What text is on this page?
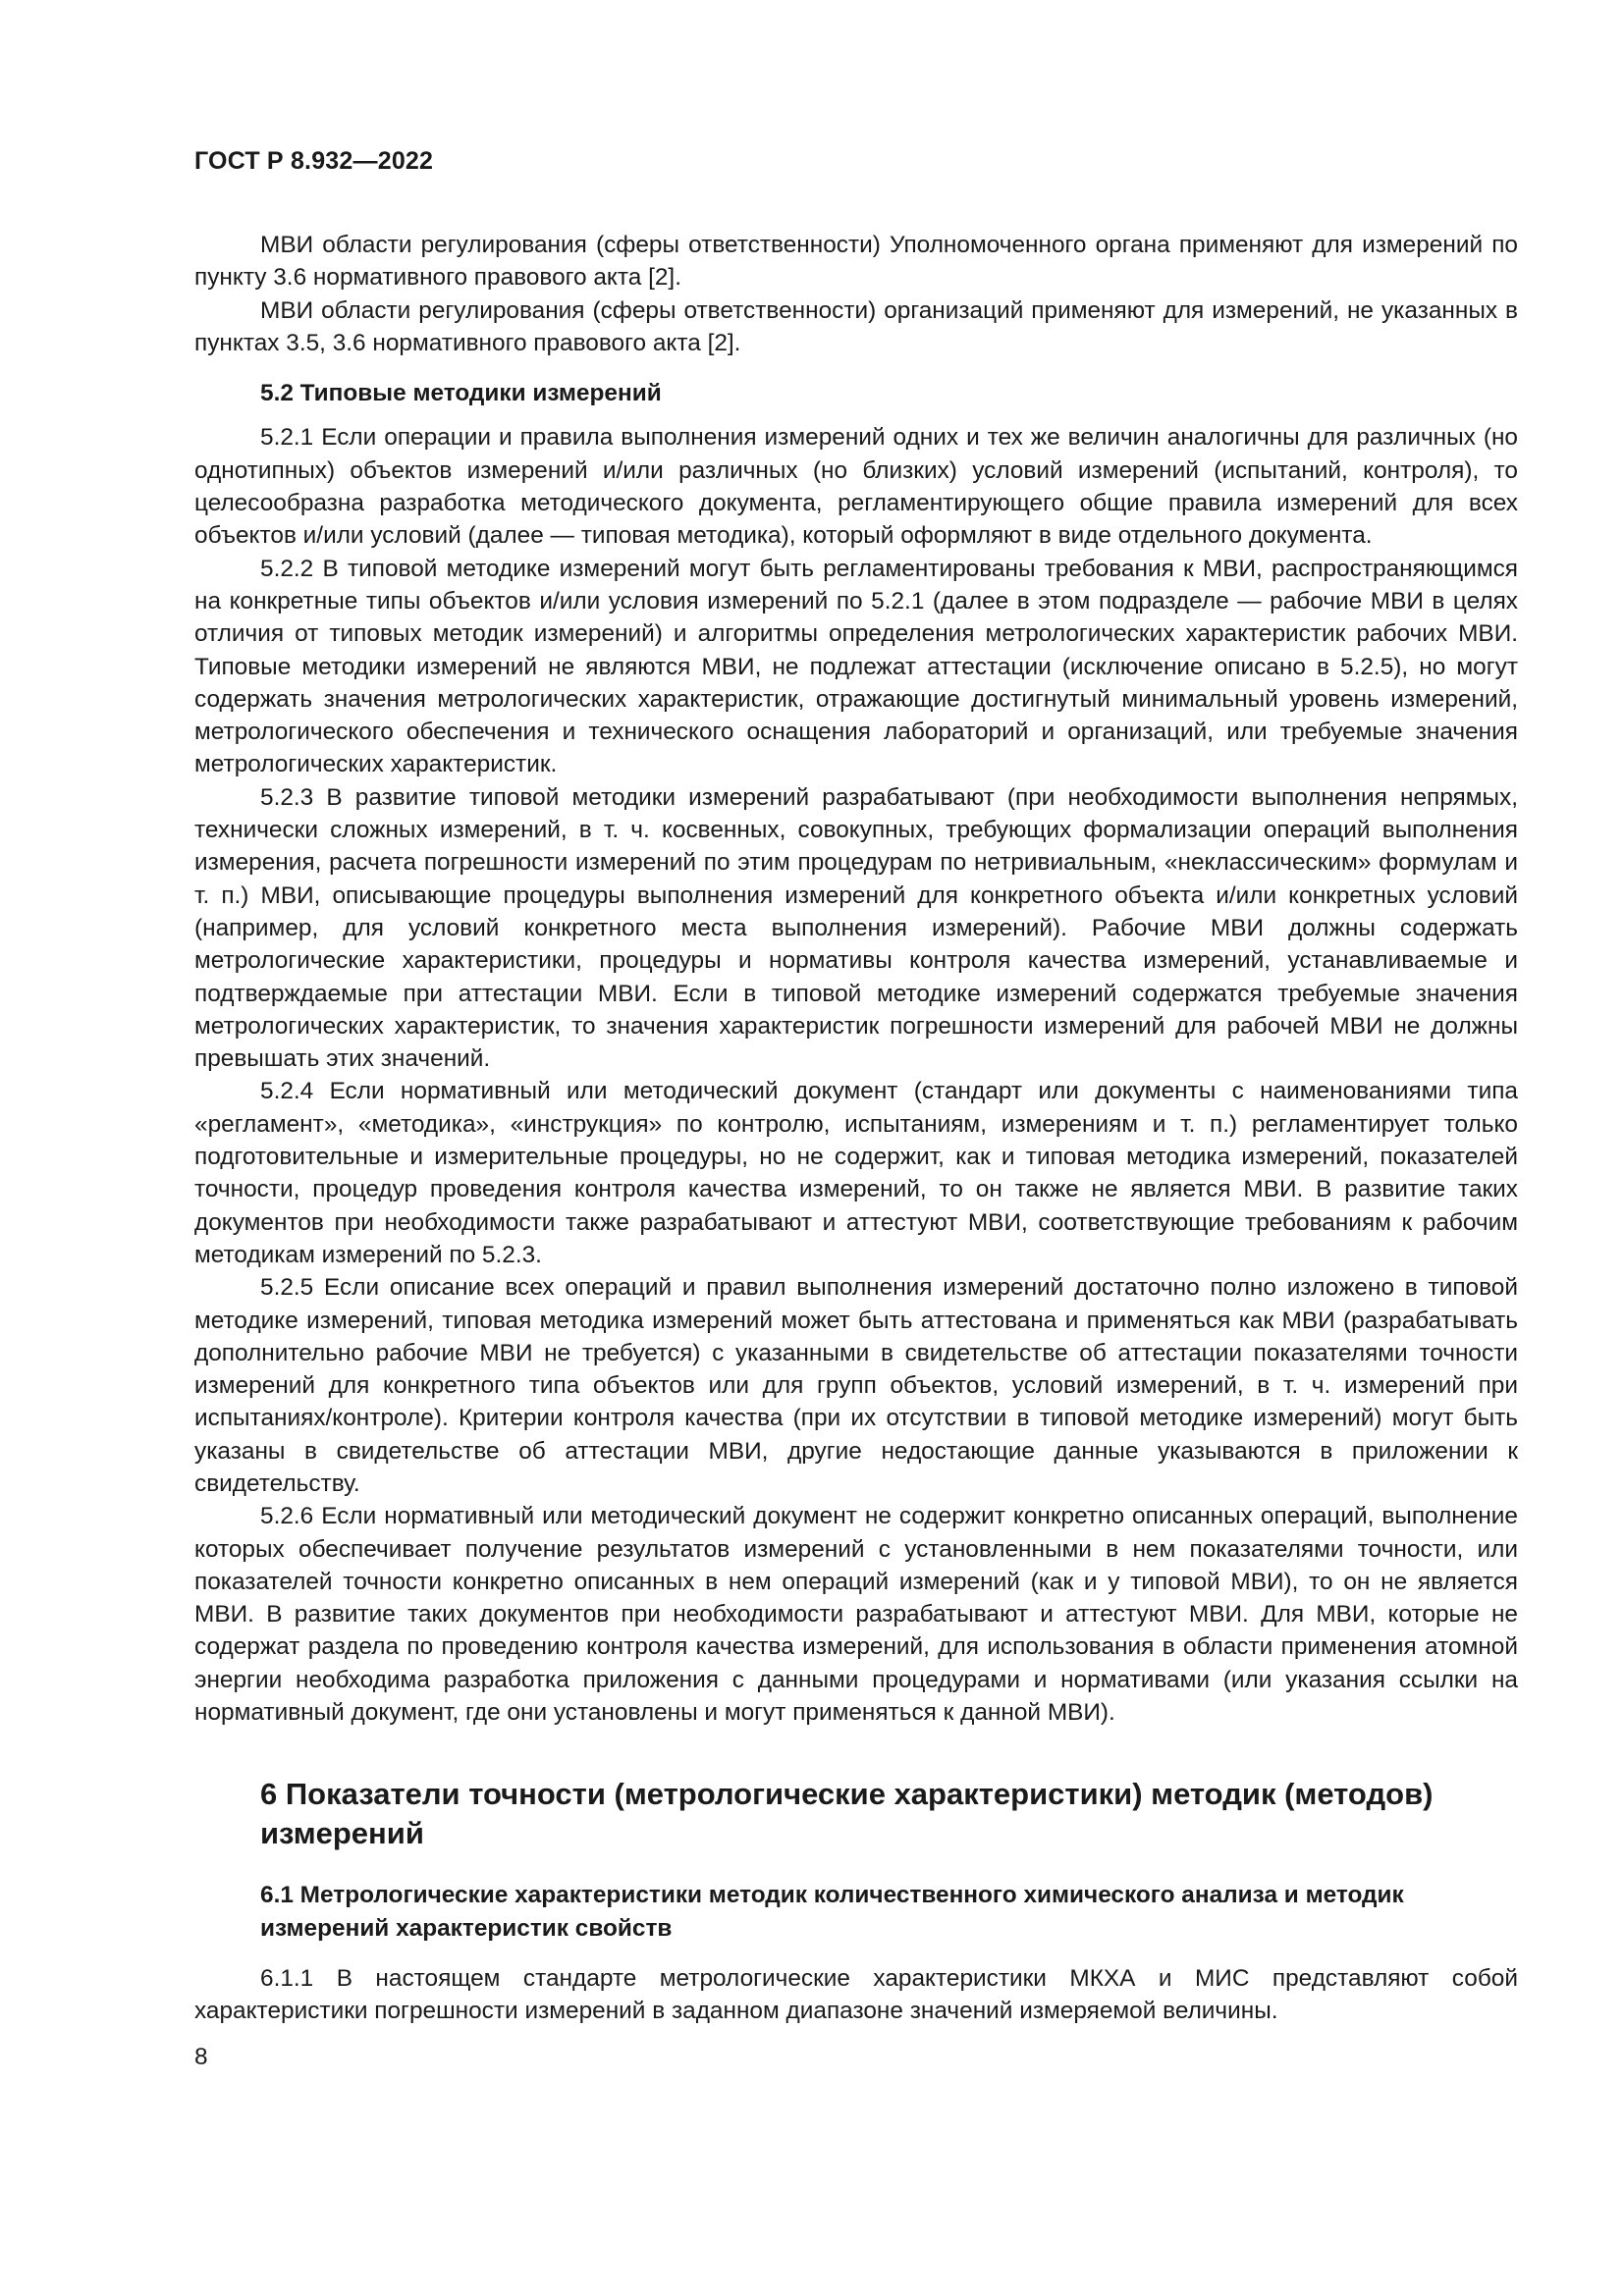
ГОСТ Р 8.932—2022

МВИ области регулирования (сферы ответственности) Уполномоченного органа применяют для измерений по пункту 3.6 нормативного правового акта [2].

МВИ области регулирования (сферы ответственности) организаций применяют для измерений, не указанных в пунктах 3.5, 3.6 нормативного правового акта [2].

5.2 Типовые методики измерений

5.2.1 Если операции и правила выполнения измерений одних и тех же величин аналогичны для различных (но однотипных) объектов измерений и/или различных (но близких) условий измерений (испытаний, контроля), то целесообразна разработка методического документа, регламентирующего общие правила измерений для всех объектов и/или условий (далее — типовая методика), который оформляют в виде отдельного документа.

5.2.2 В типовой методике измерений могут быть регламентированы требования к МВИ, распространяющимся на конкретные типы объектов и/или условия измерений по 5.2.1 (далее в этом подразделе — рабочие МВИ в целях отличия от типовых методик измерений) и алгоритмы определения метрологических характеристик рабочих МВИ. Типовые методики измерений не являются МВИ, не подлежат аттестации (исключение описано в 5.2.5), но могут содержать значения метрологических характеристик, отражающие достигнутый минимальный уровень измерений, метрологического обеспечения и технического оснащения лабораторий и организаций, или требуемые значения метрологических характеристик.

5.2.3 В развитие типовой методики измерений разрабатывают (при необходимости выполнения непрямых, технически сложных измерений, в т. ч. косвенных, совокупных, требующих формализации операций выполнения измерения, расчета погрешности измерений по этим процедурам по нетривиальным, «неклассическим» формулам и т. п.) МВИ, описывающие процедуры выполнения измерений для конкретного объекта и/или конкретных условий (например, для условий конкретного места выполнения измерений). Рабочие МВИ должны содержать метрологические характеристики, процедуры и нормативы контроля качества измерений, устанавливаемые и подтверждаемые при аттестации МВИ. Если в типовой методике измерений содержатся требуемые значения метрологических характеристик, то значения характеристик погрешности измерений для рабочей МВИ не должны превышать этих значений.

5.2.4 Если нормативный или методический документ (стандарт или документы с наименованиями типа «регламент», «методика», «инструкция» по контролю, испытаниям, измерениям и т. п.) регламентирует только подготовительные и измерительные процедуры, но не содержит, как и типовая методика измерений, показателей точности, процедур проведения контроля качества измерений, то он также не является МВИ. В развитие таких документов при необходимости также разрабатывают и аттестуют МВИ, соответствующие требованиям к рабочим методикам измерений по 5.2.3.

5.2.5 Если описание всех операций и правил выполнения измерений достаточно полно изложено в типовой методике измерений, типовая методика измерений может быть аттестована и применяться как МВИ (разрабатывать дополнительно рабочие МВИ не требуется) с указанными в свидетельстве об аттестации показателями точности измерений для конкретного типа объектов или для групп объектов, условий измерений, в т. ч. измерений при испытаниях/контроле). Критерии контроля качества (при их отсутствии в типовой методике измерений) могут быть указаны в свидетельстве об аттестации МВИ, другие недостающие данные указываются в приложении к свидетельству.

5.2.6 Если нормативный или методический документ не содержит конкретно описанных операций, выполнение которых обеспечивает получение результатов измерений с установленными в нем показателями точности, или показателей точности конкретно описанных в нем операций измерений (как и у типовой МВИ), то он не является МВИ. В развитие таких документов при необходимости разрабатывают и аттестуют МВИ. Для МВИ, которые не содержат раздела по проведению контроля качества измерений, для использования в области применения атомной энергии необходима разработка приложения с данными процедурами и нормативами (или указания ссылки на нормативный документ, где они установлены и могут применяться к данной МВИ).

6 Показатели точности (метрологические характеристики) методик (методов) измерений
6.1 Метрологические характеристики методик количественного химического анализа и методик измерений характеристик свойств

6.1.1 В настоящем стандарте метрологические характеристики МКХА и МИС представляют собой характеристики погрешности измерений в заданном диапазоне значений измеряемой величины.

8
